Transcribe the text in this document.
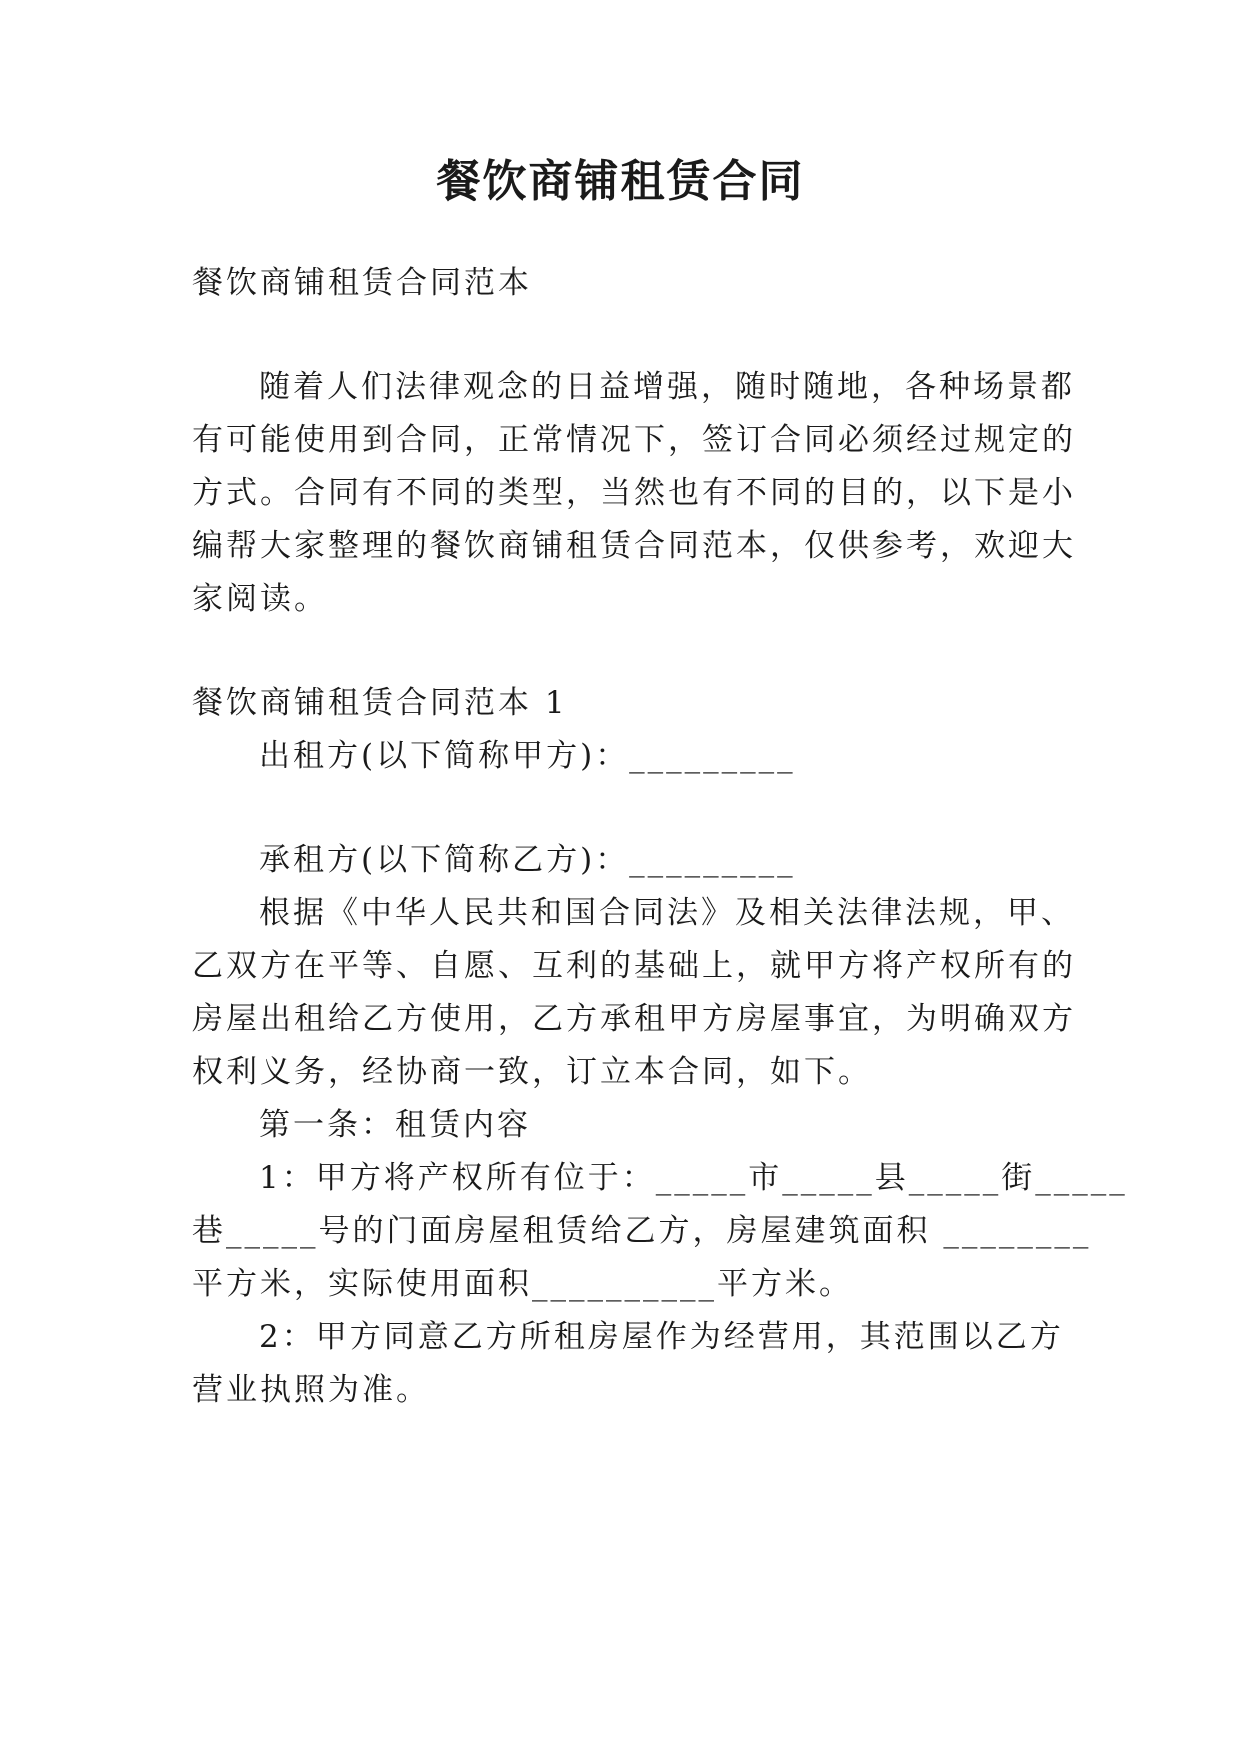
餐饮商铺租赁合同
餐饮商铺租赁合同范本
随着人们法律观念的日益增强，随时随地，各种场景都
有可能使用到合同，正常情况下，签订合同必须经过规定的
方式。合同有不同的类型，当然也有不同的目的，以下是小
编帮大家整理的餐饮商铺租赁合同范本，仅供参考，欢迎大
家阅读。
餐饮商铺租赁合同范本 1
出租方(以下简称甲方)：_________
承租方(以下简称乙方)：_________
根据《中华人民共和国合同法》及相关法律法规，甲、
乙双方在平等、自愿、互利的基础上，就甲方将产权所有的
房屋出租给乙方使用，乙方承租甲方房屋事宜，为明确双方
权利义务，经协商一致，订立本合同，如下。
第一条：租赁内容
1：甲方将产权所有位于：_____市_____县_____街_____
巷_____号的门面房屋租赁给乙方，房屋建筑面积 ________
平方米，实际使用面积__________平方米。
2：甲方同意乙方所租房屋作为经营用，其范围以乙方
营业执照为准。
